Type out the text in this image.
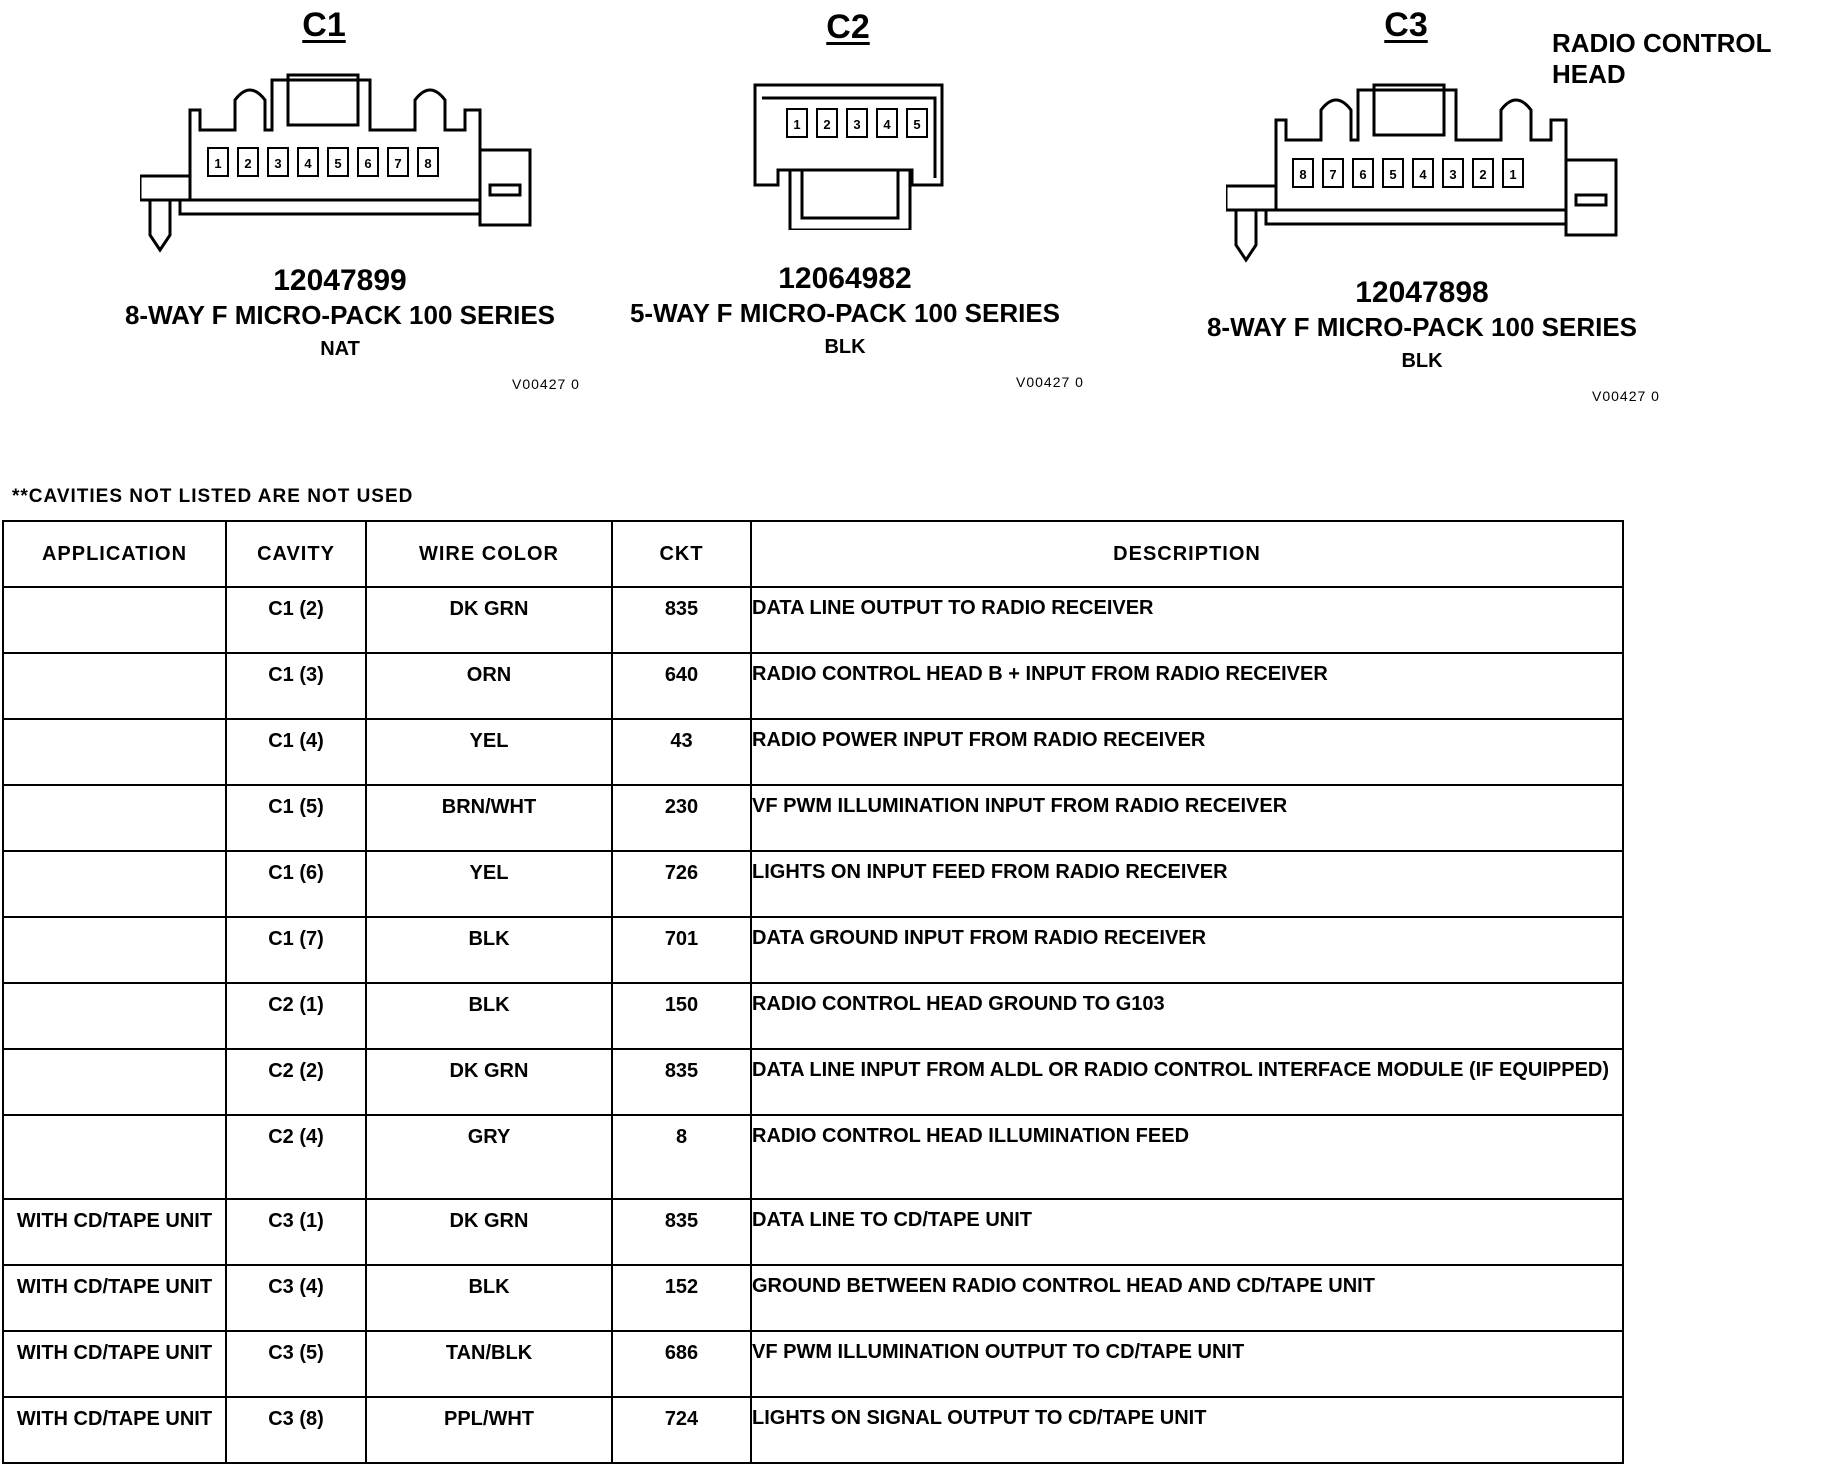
C1
1	2	3	4	5	6	7	8
12047899
8-WAY F MICRO-PACK 100 SERIES
NAT
V00427 0
C2
1	2	3	4	5
12064982
5-WAY F MICRO-PACK 100 SERIES
BLK
V00427 0
C3	RADIO CONTROL HEAD
8	7	6	5	4	3	2	1
12047898
8-WAY F MICRO-PACK 100 SERIES
BLK
V00427 0
**CAVITIES NOT LISTED ARE NOT USED
APPLICATION	CAVITY	WIRE COLOR	CKT	DESCRIPTION
	C1 (2)	DK GRN	835	DATA LINE OUTPUT TO RADIO RECEIVER
	C1 (3)	ORN	640	RADIO CONTROL HEAD B + INPUT FROM RADIO RECEIVER
	C1 (4)	YEL	43	RADIO POWER INPUT FROM RADIO RECEIVER
	C1 (5)	BRN/WHT	230	VF PWM ILLUMINATION INPUT FROM RADIO RECEIVER
	C1 (6)	YEL	726	LIGHTS ON INPUT FEED FROM RADIO RECEIVER
	C1 (7)	BLK	701	DATA GROUND INPUT FROM RADIO RECEIVER
	C2 (1)	BLK	150	RADIO CONTROL HEAD GROUND TO G103
	C2 (2)	DK GRN	835	DATA LINE INPUT FROM ALDL OR RADIO CONTROL INTERFACE MODULE (IF EQUIPPED)
	C2 (4)	GRY	8	RADIO CONTROL HEAD ILLUMINATION FEED
WITH CD/TAPE UNIT	C3 (1)	DK GRN	835	DATA LINE TO CD/TAPE UNIT
WITH CD/TAPE UNIT	C3 (4)	BLK	152	GROUND BETWEEN RADIO CONTROL HEAD AND CD/TAPE UNIT
WITH CD/TAPE UNIT	C3 (5)	TAN/BLK	686	VF PWM ILLUMINATION OUTPUT TO CD/TAPE UNIT
WITH CD/TAPE UNIT	C3 (8)	PPL/WHT	724	LIGHTS ON SIGNAL OUTPUT TO CD/TAPE UNIT
